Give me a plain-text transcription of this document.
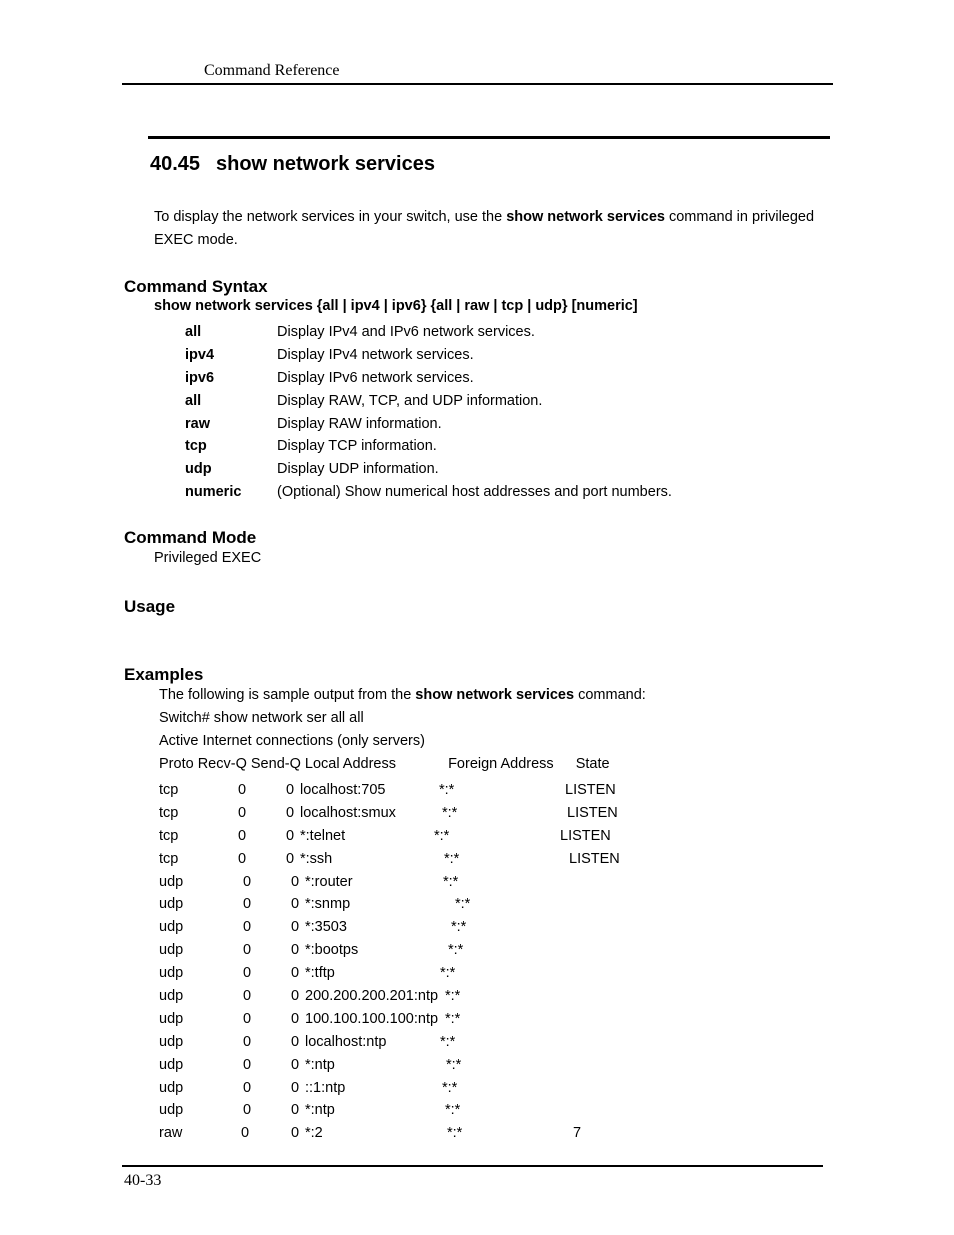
Command Reference
40.45 show network services
To display the network services in your switch, use the show network services command in privileged EXEC mode.
Command Syntax
show network services {all | ipv4 | ipv6} {all | raw | tcp | udp} [numeric]
all	Display IPv4 and IPv6 network services.
ipv4	Display IPv4 network services.
ipv6	Display IPv6 network services.
all	Display RAW, TCP, and UDP information.
raw	Display RAW information.
tcp	Display TCP information.
udp	Display UDP information.
numeric (Optional) Show numerical host addresses and port numbers.
Command Mode
Privileged EXEC
Usage
Examples
The following is sample output from the show network services command:
Switch# show network ser all all
Active Internet connections (only servers)
Proto Recv-Q Send-Q Local Address	Foreign Address State
tcp	0	0 localhost:705	*:*	LISTEN
tcp	0	0 localhost:smux	*:*	LISTEN
tcp	0	0 *:telnet	*:*	LISTEN
tcp	0	0 *:ssh	*:*	LISTEN
udp	0	0 *:router	*:*
udp	0	0 *:snmp	*:*
udp	0	0 *:3503	*:*
udp	0	0 *:bootps	*:*
udp	0	0 *:tftp	*:*
udp	0	0 200.200.200.201:ntp *:*
udp	0	0 100.100.100.100:ntp *:*
udp	0	0 localhost:ntp	*:*
udp	0	0 *:ntp	*:*
udp	0	0 ::1:ntp	*:*
udp	0	0 *:ntp	*:*
raw	0	0 *:2	*:*	7
40-33
